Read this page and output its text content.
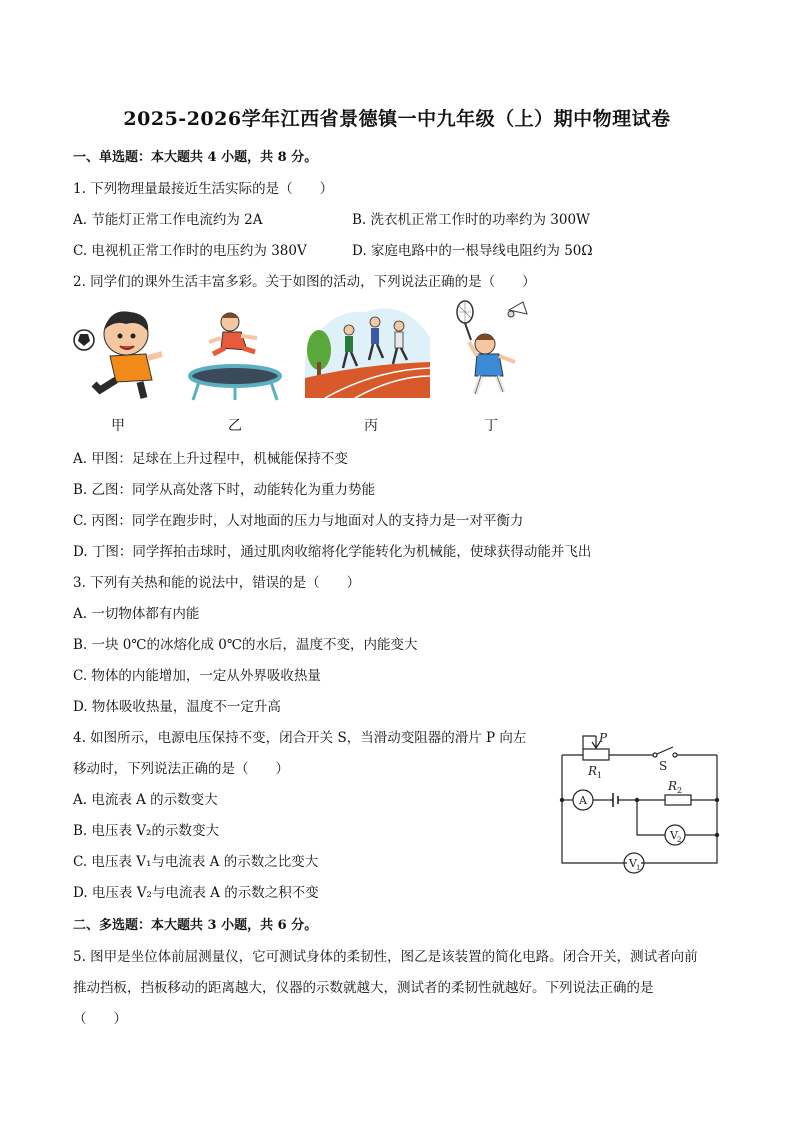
2025-2026学年江西省景德镇一中九年级（上）期中物理试卷
一、单选题：本大题共 4 小题，共 8 分。
1. 下列物理量最接近生活实际的是（　　）
A. 节能灯正常工作电流约为 2A	B. 洗衣机正常工作时的功率约为 300W
C. 电视机正常工作时的电压约为 380V	D. 家庭电路中的一根导线电阻约为 50Ω
2. 同学们的课外生活丰富多彩。关于如图的活动，下列说法正确的是（　　）
甲	乙	丙	丁
A. 甲图：足球在上升过程中，机械能保持不变
B. 乙图：同学从高处落下时，动能转化为重力势能
C. 丙图：同学在跑步时，人对地面的压力与地面对人的支持力是一对平衡力
D. 丁图：同学挥拍击球时，通过肌肉收缩将化学能转化为机械能，使球获得动能并飞出
3. 下列有关热和能的说法中，错误的是（　　）
A. 一切物体都有内能
B. 一块 0℃的冰熔化成 0℃的水后，温度不变，内能变大
C. 物体的内能增加，一定从外界吸收热量
D. 物体吸收热量，温度不一定升高
4. 如图所示，电源电压保持不变，闭合开关 S，当滑动变阻器的滑片 P 向左
移动时，下列说法正确的是（　　）
A. 电流表 A 的示数变大
B. 电压表 V₂的示数变大
C. 电压表 V₁与电流表 A 的示数之比变大
D. 电压表 V₂与电流表 A 的示数之积不变
P
R 1
S
R 2
A
V 2
V 1
二、多选题：本大题共 3 小题，共 6 分。
5. 图甲是坐位体前屈测量仪，它可测试身体的柔韧性，图乙是该装置的简化电路。闭合开关，测试者向前
推动挡板，挡板移动的距离越大，仪器的示数就越大，测试者的柔韧性就越好。下列说法正确的是
（　　）
